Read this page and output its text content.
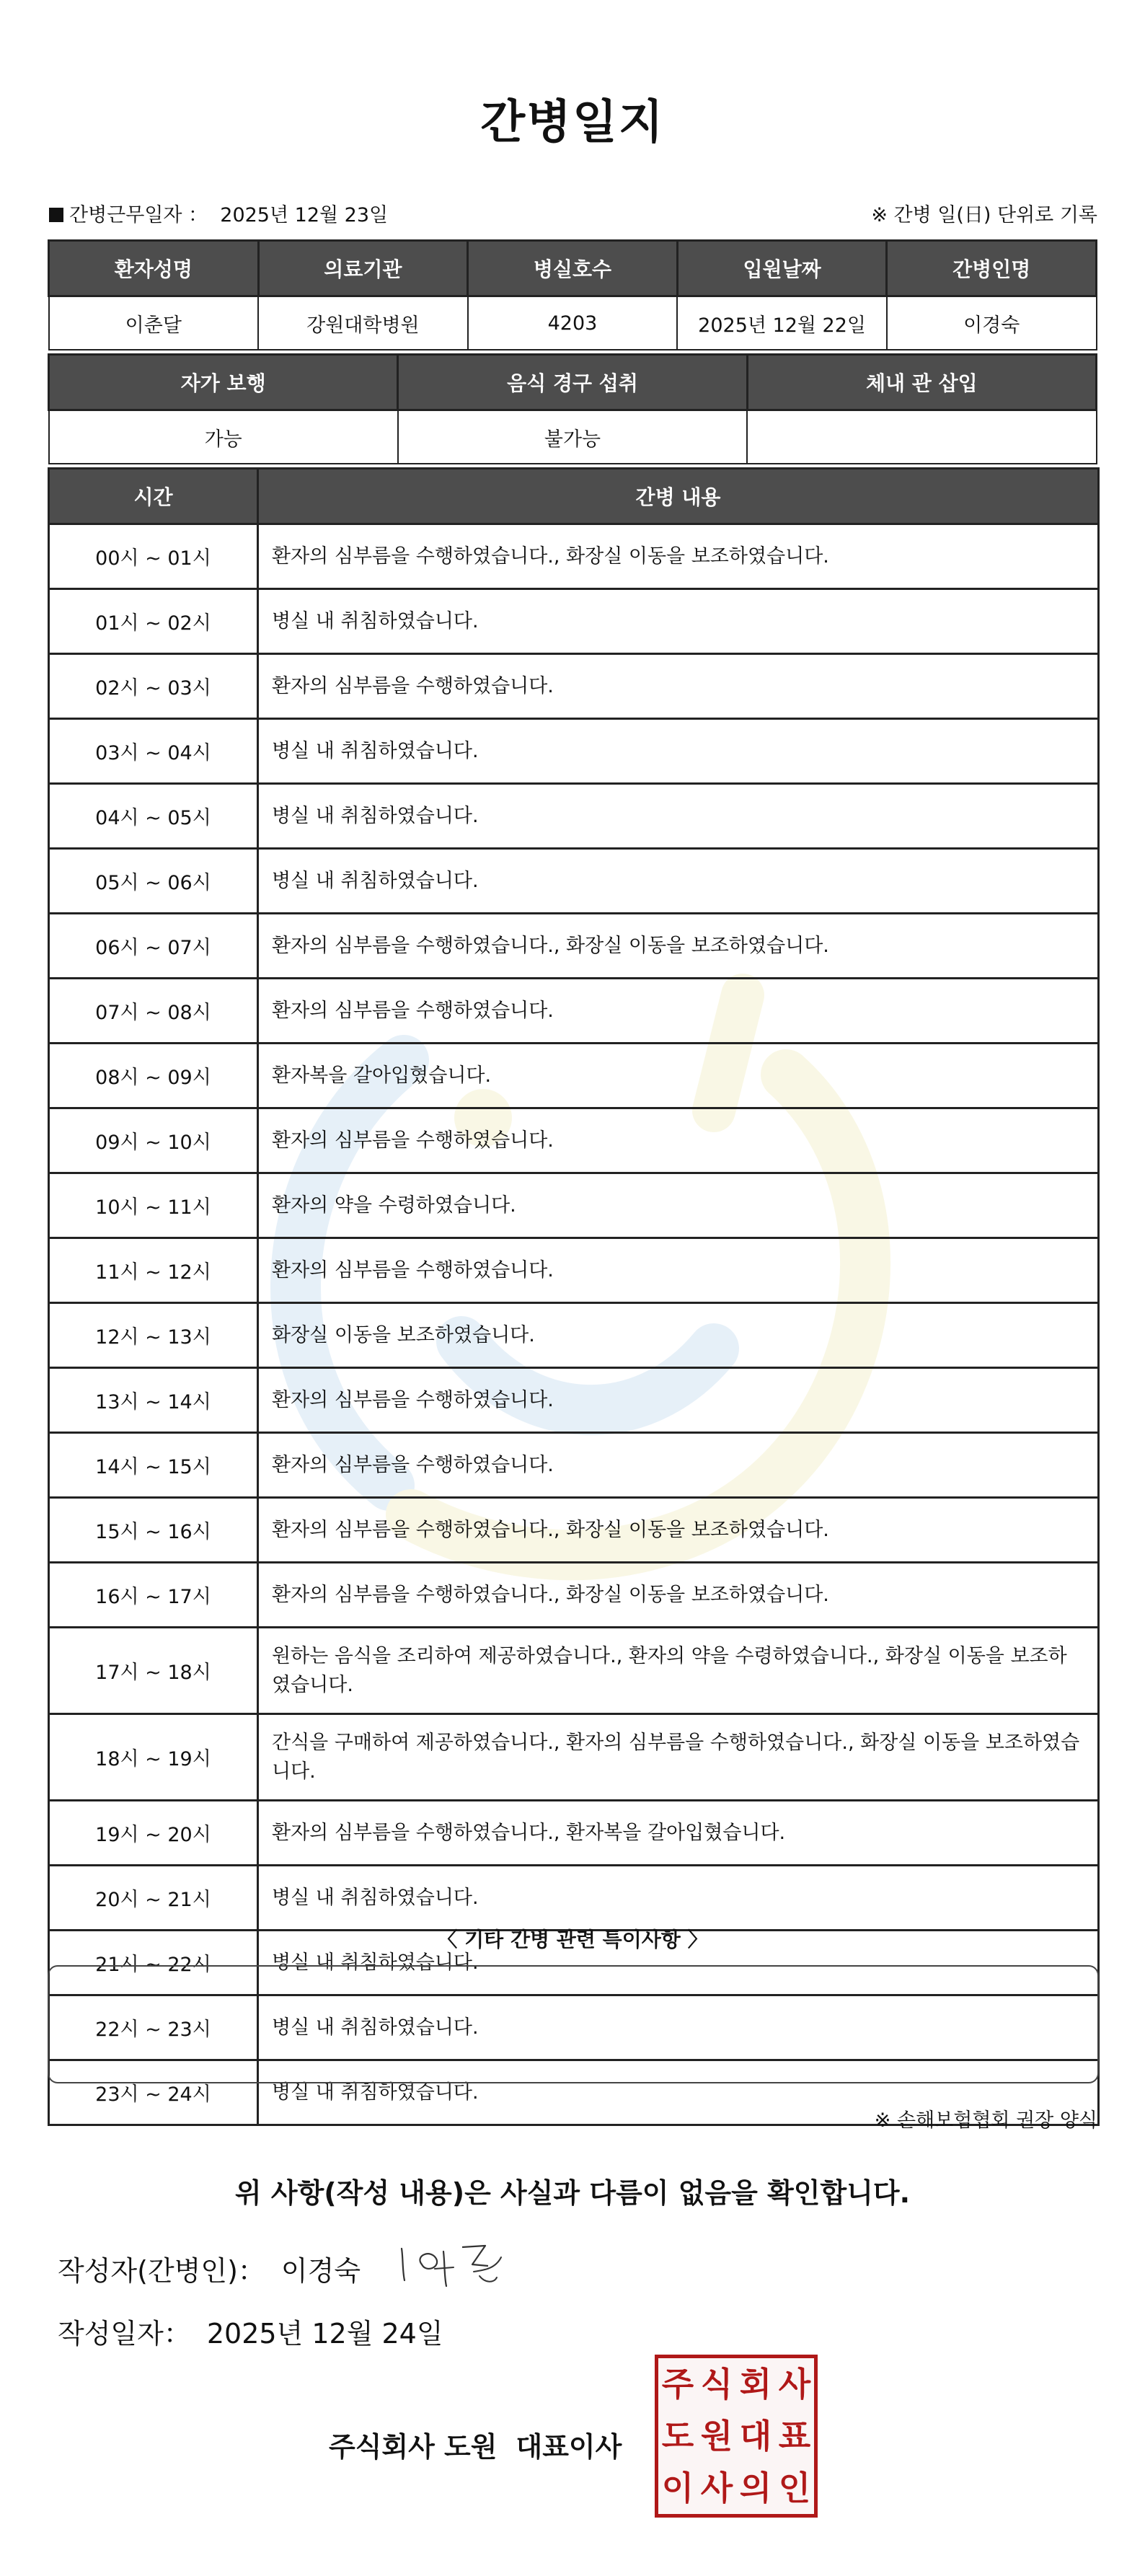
간병일지
간병근무일자 ： 2025년 12월 23일	※ 간병 일(日) 단위로 기록
환자성명	의료기관	병실호수	입원날짜	간병인명
이춘달	강원대학병원	4203	2025년 12월 22일	이경숙
자가 보행	음식 경구 섭취	체내 관 삽입
가능	불가능	
시간	간병 내용
00시 ~ 01시	환자의 심부름을 수행하였습니다., 화장실 이동을 보조하였습니다.
01시 ~ 02시	병실 내 취침하였습니다.
02시 ~ 03시	환자의 심부름을 수행하였습니다.
03시 ~ 04시	병실 내 취침하였습니다.
04시 ~ 05시	병실 내 취침하였습니다.
05시 ~ 06시	병실 내 취침하였습니다.
06시 ~ 07시	환자의 심부름을 수행하였습니다., 화장실 이동을 보조하였습니다.
07시 ~ 08시	환자의 심부름을 수행하였습니다.
08시 ~ 09시	환자복을 갈아입혔습니다.
09시 ~ 10시	환자의 심부름을 수행하였습니다.
10시 ~ 11시	환자의 약을 수령하였습니다.
11시 ~ 12시	환자의 심부름을 수행하였습니다.
12시 ~ 13시	화장실 이동을 보조하였습니다.
13시 ~ 14시	환자의 심부름을 수행하였습니다.
14시 ~ 15시	환자의 심부름을 수행하였습니다.
15시 ~ 16시	환자의 심부름을 수행하였습니다., 화장실 이동을 보조하였습니다.
16시 ~ 17시	환자의 심부름을 수행하였습니다., 화장실 이동을 보조하였습니다.
17시 ~ 18시	원하는 음식을 조리하여 제공하였습니다., 환자의 약을 수령하였습니다., 화장실 이동을 보조하였습니다.
18시 ~ 19시	간식을 구매하여 제공하였습니다., 환자의 심부름을 수행하였습니다., 화장실 이동을 보조하였습니다.
19시 ~ 20시	환자의 심부름을 수행하였습니다., 환자복을 갈아입혔습니다.
20시 ~ 21시	병실 내 취침하였습니다.
21시 ~ 22시	병실 내 취침하였습니다.
22시 ~ 23시	병실 내 취침하였습니다.
23시 ~ 24시	병실 내 취침하였습니다.
〈 기타 간병 관련 특이사항 〉
※ 손해보험협회 권장 양식
위 사항(작성 내용)은 사실과 다름이 없음을 확인합니다.
작성자(간병인)： 이경숙
작성일자： 2025년 12월 24일
주식회사 도원 대표이사
주 식 회 사
도 원 대 표
이 사 의 인
